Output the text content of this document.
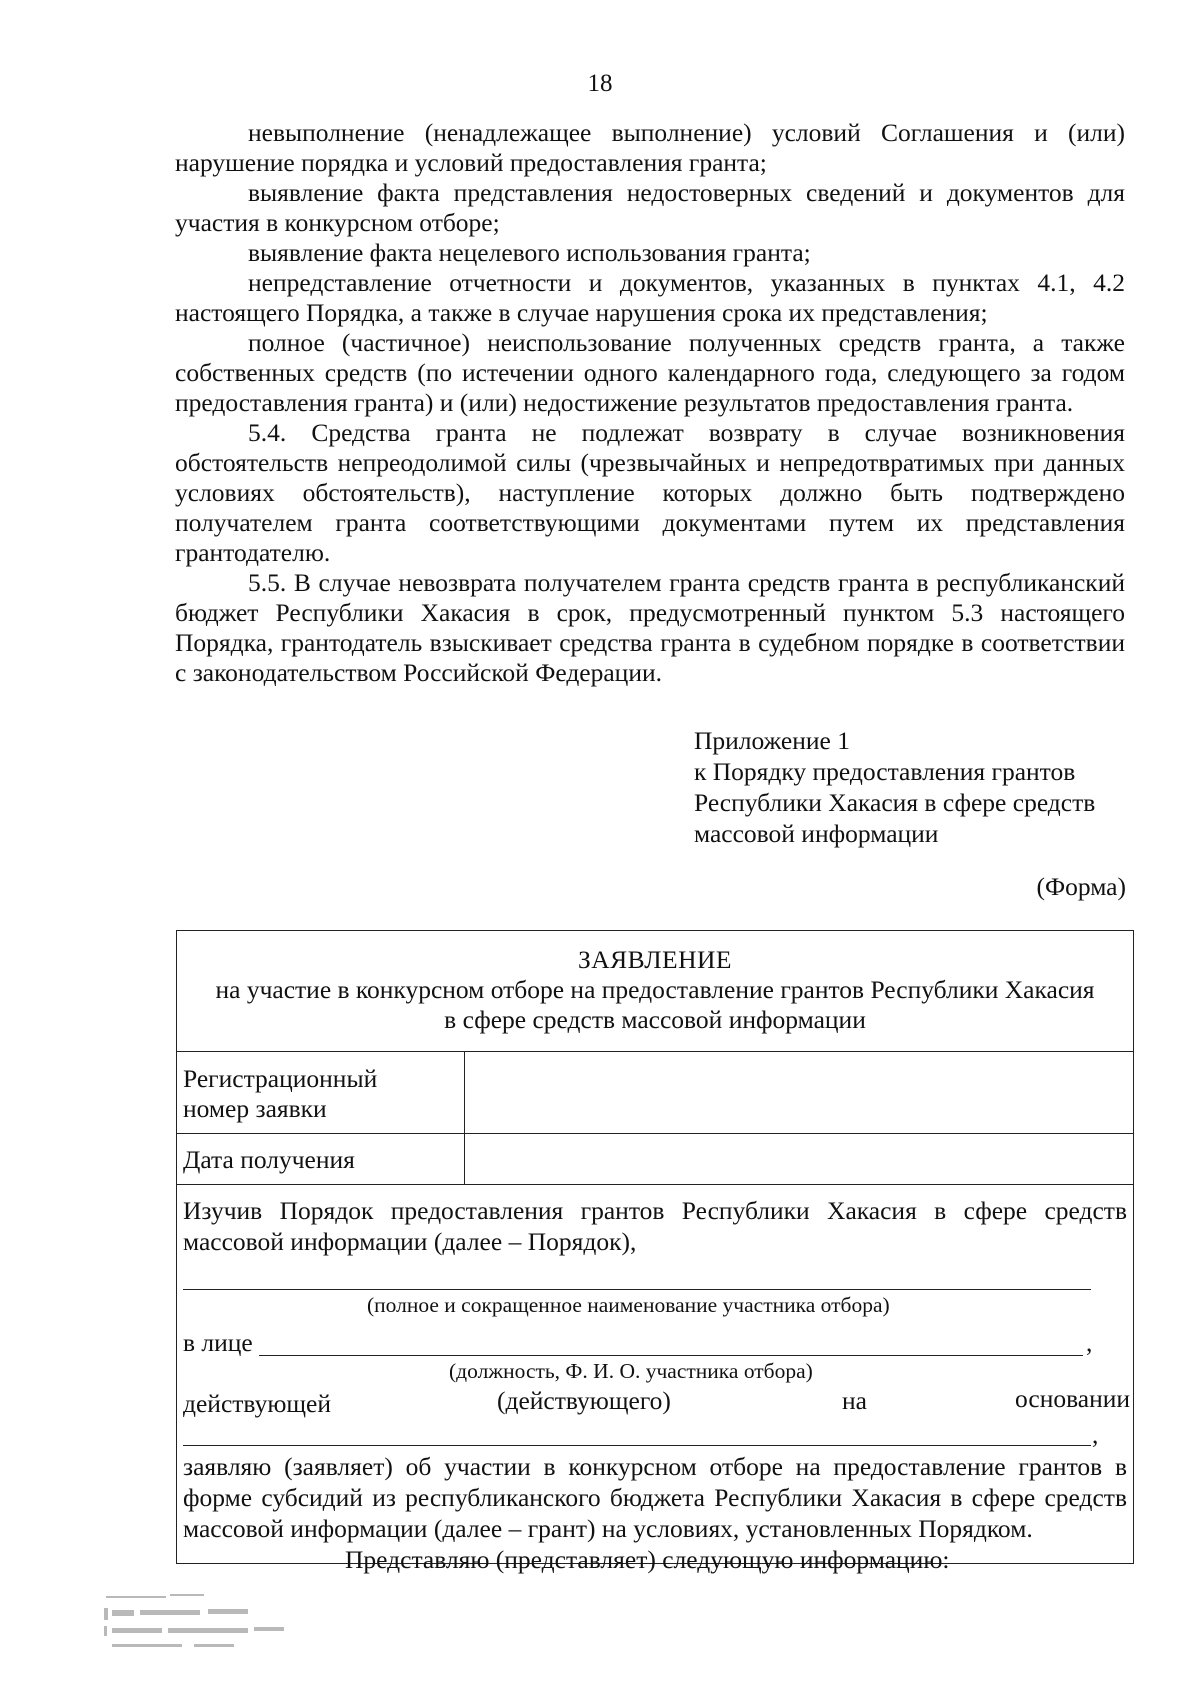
18

невыполнение (ненадлежащее выполнение) условий Соглашения и (или) нарушение порядка и условий предоставления гранта;

выявление факта представления недостоверных сведений и документов для участия в конкурсном отборе;

выявление факта нецелевого использования гранта;

непредставление отчетности и документов, указанных в пунктах 4.1, 4.2 настоящего Порядка, а также в случае нарушения срока их представления;

полное (частичное) неиспользование полученных средств гранта, а также собственных средств (по истечении одного календарного года, следующего за годом предоставления гранта) и (или) недостижение результатов предоставления гранта.

5.4. Средства гранта не подлежат возврату в случае возникновения обстоятельств непреодолимой силы (чрезвычайных и непредотвратимых при данных условиях обстоятельств), наступление которых должно быть подтверждено получателем гранта соответствующими документами путем их представления грантодателю.

5.5. В случае невозврата получателем гранта средств гранта в республиканский бюджет Республики Хакасия в срок, предусмотренный пунктом 5.3 настоящего Порядка, грантодатель взыскивает средства гранта в судебном порядке в соответствии с законодательством Российской Федерации.

Приложение 1
к Порядку предоставления грантов
Республики Хакасия в сфере средств
массовой информации
(Форма)
ЗАЯВЛЕНИЕ
на участие в конкурсном отборе на предоставление грантов Республики Хакасия
в сфере средств массовой информации
Регистрационный
номер заявки
Дата получения
Изучив Порядок предоставления грантов Республики Хакасия в сфере средств массовой информации (далее – Порядок),
(полное и сокращенное наименование участника отбора)
в лице	,
(должность, Ф. И. О. участника отбора)
действующей	(действующего)	на	основании
,
заявляю (заявляет) об участии в конкурсном отборе на предоставление грантов в форме субсидий из республиканского бюджета Республики Хакасия в сфере средств массовой информации (далее – грант) на условиях, установленных Порядком.
Представляю (представляет) следующую информацию:
